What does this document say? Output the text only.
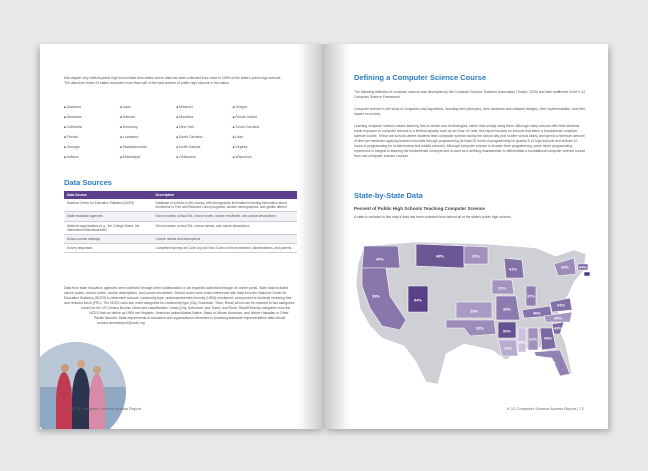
this chapter only reflects public high school data from states where data has been collected from close to 100% of the state's public high schools. The data from these 24 states represent more than half of the total number of public high schools in the nation.
■ Alabama
■ Arkansas
■ California
■ Florida
■ Georgia
■ Indiana
■ Iowa
■ Kansas
■ Kentucky
■ Louisiana
■ Massachusetts
■ Mississippi
■ Missouri
■ Montana
■ New York
■ North Carolina
■ North Dakota
■ Oklahoma
■ Oregon
■ Rhode Island
■ South Carolina
■ Utah
■ Virginia
■ Wisconsin
Data Sources
Data Source	Description
National Center for Education Statistics (NCES)	Database of schools in the country, with demographic information including information about enrollment in Free and Reduced Lunch programs, student demographics, and grades offered
State education agencies	School names, school IDs, course codes, course enrollment, and course descriptions
National organizations (e.g., the College Board, the International Baccalaureate)	School names, school IDs, course names, and course descriptions
School course catalogs	Course names and descriptions
Survey responses	Completed surveys on Code.org and Hour.Code.com from teachers, administrators, and parents
Data from state education agencies were collected through direct collaboration or via requests submitted through an online portal. State data included school codes, course codes, course descriptions, and course enrollment. School codes were cross-referenced with data from the National Center for Education Statistics (NCES) to determine schools' community type, underrepresented minority (URM) enrollment, and percent of students receiving free and reduced lunch (FRL). The NCES uses four main categories for community type (City, Suburban, Town, Rural) which can be reduced to two categories based on the US Census Bureau urban and classification: Urban (City, Suburban, and Town), and Rural. Race/Ethnicity categories from the NCES that we define as URM are Hispanic, American Indian/Alaska Native, Black or African American, and Native Hawaiian or Other Pacific Islander. State departments of education and organizations interested in providing statewide implementation data should contact accessreport@code.org
70 | K-12 Computer Science Access Report
Defining a Computer Science Course
The following definition of computer science was developed by the Computer Science Teachers Association (Tucker, 2003) and later reaffirmed in the K-12 Computer Science Framework.
Computer science is the study of computers and algorithms, including their principles, their hardware and software designs, their implementation, and their impact on society.
Learning computer science means learning how to create new technologies, rather than simply using them. Although many schools offer their students some exposure to computer science in a limited capacity such as an Hour of Code, this report focuses on schools that teach a foundational computer science course. These are schools where students learn computer science during the school day (not in after school clubs) and spend a minimum amount of time per semester applying learned concepts through programming (at least 20 hours of programming for grades 9-12 high schools and at least 10 hours of programming for in-elementary and middle schools). Although computer science is broader than programming, some direct programming experience is integral to learning the fundamental concepts and is used as a defining characteristic to differentiate a foundational computer science course from non-computer science courses.
State-by-State Data
Percent of Public High Schools Teaching Computer Science
A state is included in this map if data has been collected from almost all of the state's public high schools.
40%
39%
48%	32%
54%
29%
33%
31%
38%
50%
24%
41%
37%
40%
18%
32% 43%
36%
43%
30%
41%
33% 44%
57%
K-12 Computer Science Access Report | 71
